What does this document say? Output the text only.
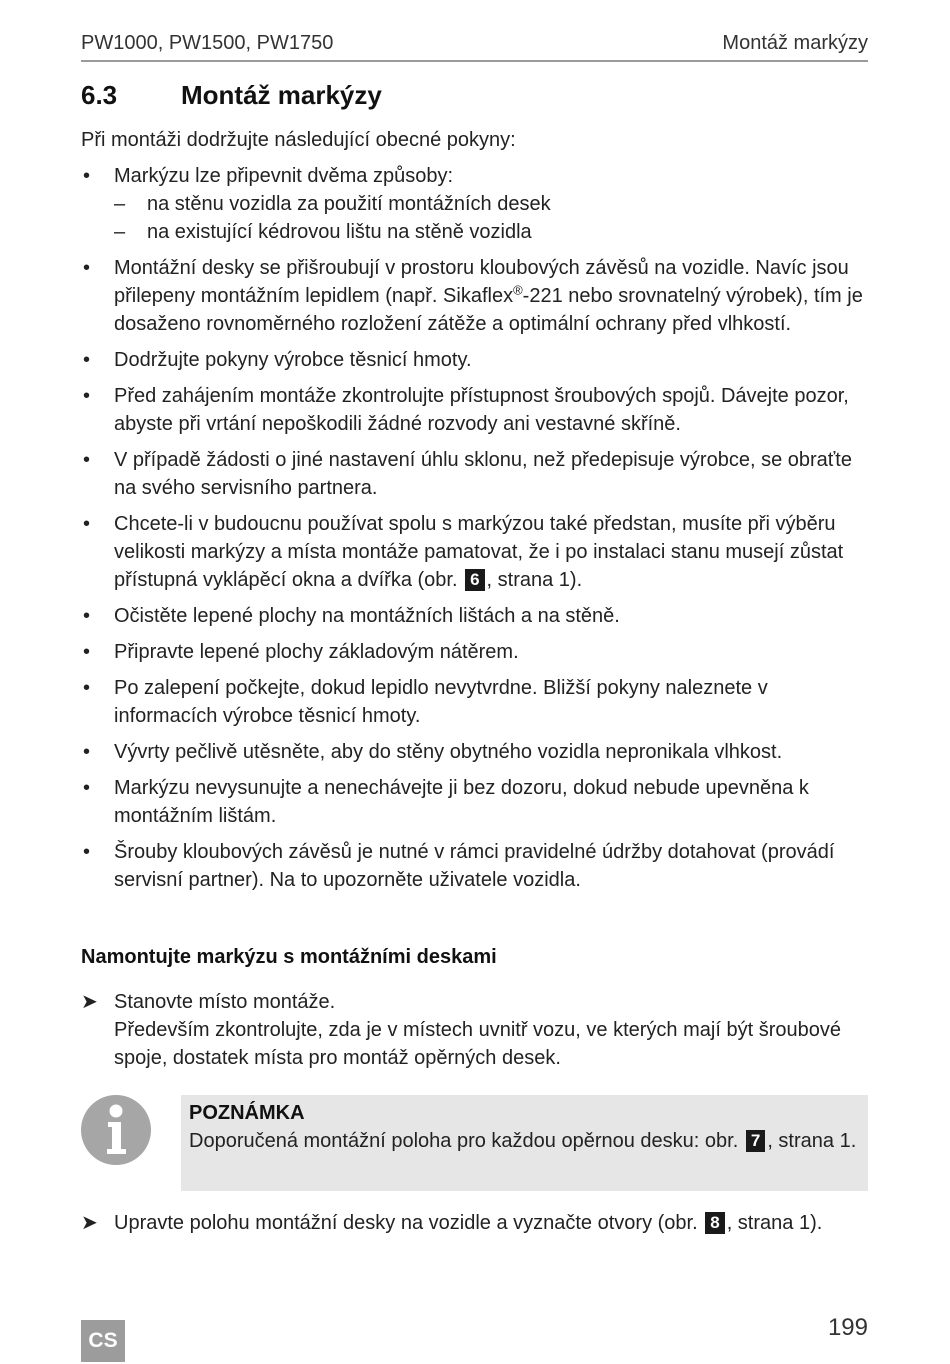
PW1000, PW1500, PW1750	Montáž markýzy
6.3 Montáž markýzy
Při montáži dodržujte následující obecné pokyny:
• Markýzu lze připevnit dvěma způsoby:
– na stěnu vozidla za použití montážních desek
– na existující kédrovou lištu na stěně vozidla
• Montážní desky se přišroubují v prostoru kloubových závěsů na vozidle. Navíc jsou přilepeny montážním lepidlem (např. Sikaflex®-221 nebo srovnatelný výrobek), tím je dosaženo rovnoměrného rozložení zátěže a optimální ochrany před vlhkostí.
• Dodržujte pokyny výrobce těsnicí hmoty.
• Před zahájením montáže zkontrolujte přístupnost šroubových spojů. Dávejte pozor, abyste při vrtání nepoškodili žádné rozvody ani vestavné skříně.
• V případě žádosti o jiné nastavení úhlu sklonu, než předepisuje výrobce, se obraťte na svého servisního partnera.
• Chcete-li v budoucnu používat spolu s markýzou také předstan, musíte při výběru velikosti markýzy a místa montáže pamatovat, že i po instalaci stanu musejí zůstat přístupná vyklápěcí okna a dvířka (obr. 6 , strana 1).
• Očistěte lepené plochy na montážních lištách a na stěně.
• Připravte lepené plochy základovým nátěrem.
• Po zalepení počkejte, dokud lepidlo nevytvrdne. Bližší pokyny naleznete v informacích výrobce těsnicí hmoty.
• Vývrty pečlivě utěsněte, aby do stěny obytného vozidla nepronikala vlhkost.
• Markýzu nevysunujte a nenechávejte ji bez dozoru, dokud nebude upevněna k montážním lištám.
• Šrouby kloubových závěsů je nutné v rámci pravidelné údržby dotahovat (provádí servisní partner). Na to upozorněte uživatele vozidla.
Namontujte markýzu s montážními deskami
➤ Stanovte místo montáže.
Především zkontrolujte, zda je v místech uvnitř vozu, ve kterých mají být šroubové spoje, dostatek místa pro montáž opěrných desek.
POZNÁMKA
Doporučená montážní poloha pro každou opěrnou desku: obr. 7 , strana 1.
➤ Upravte polohu montážní desky na vozidle a vyznačte otvory (obr. 8 , strana 1).
199
CS
